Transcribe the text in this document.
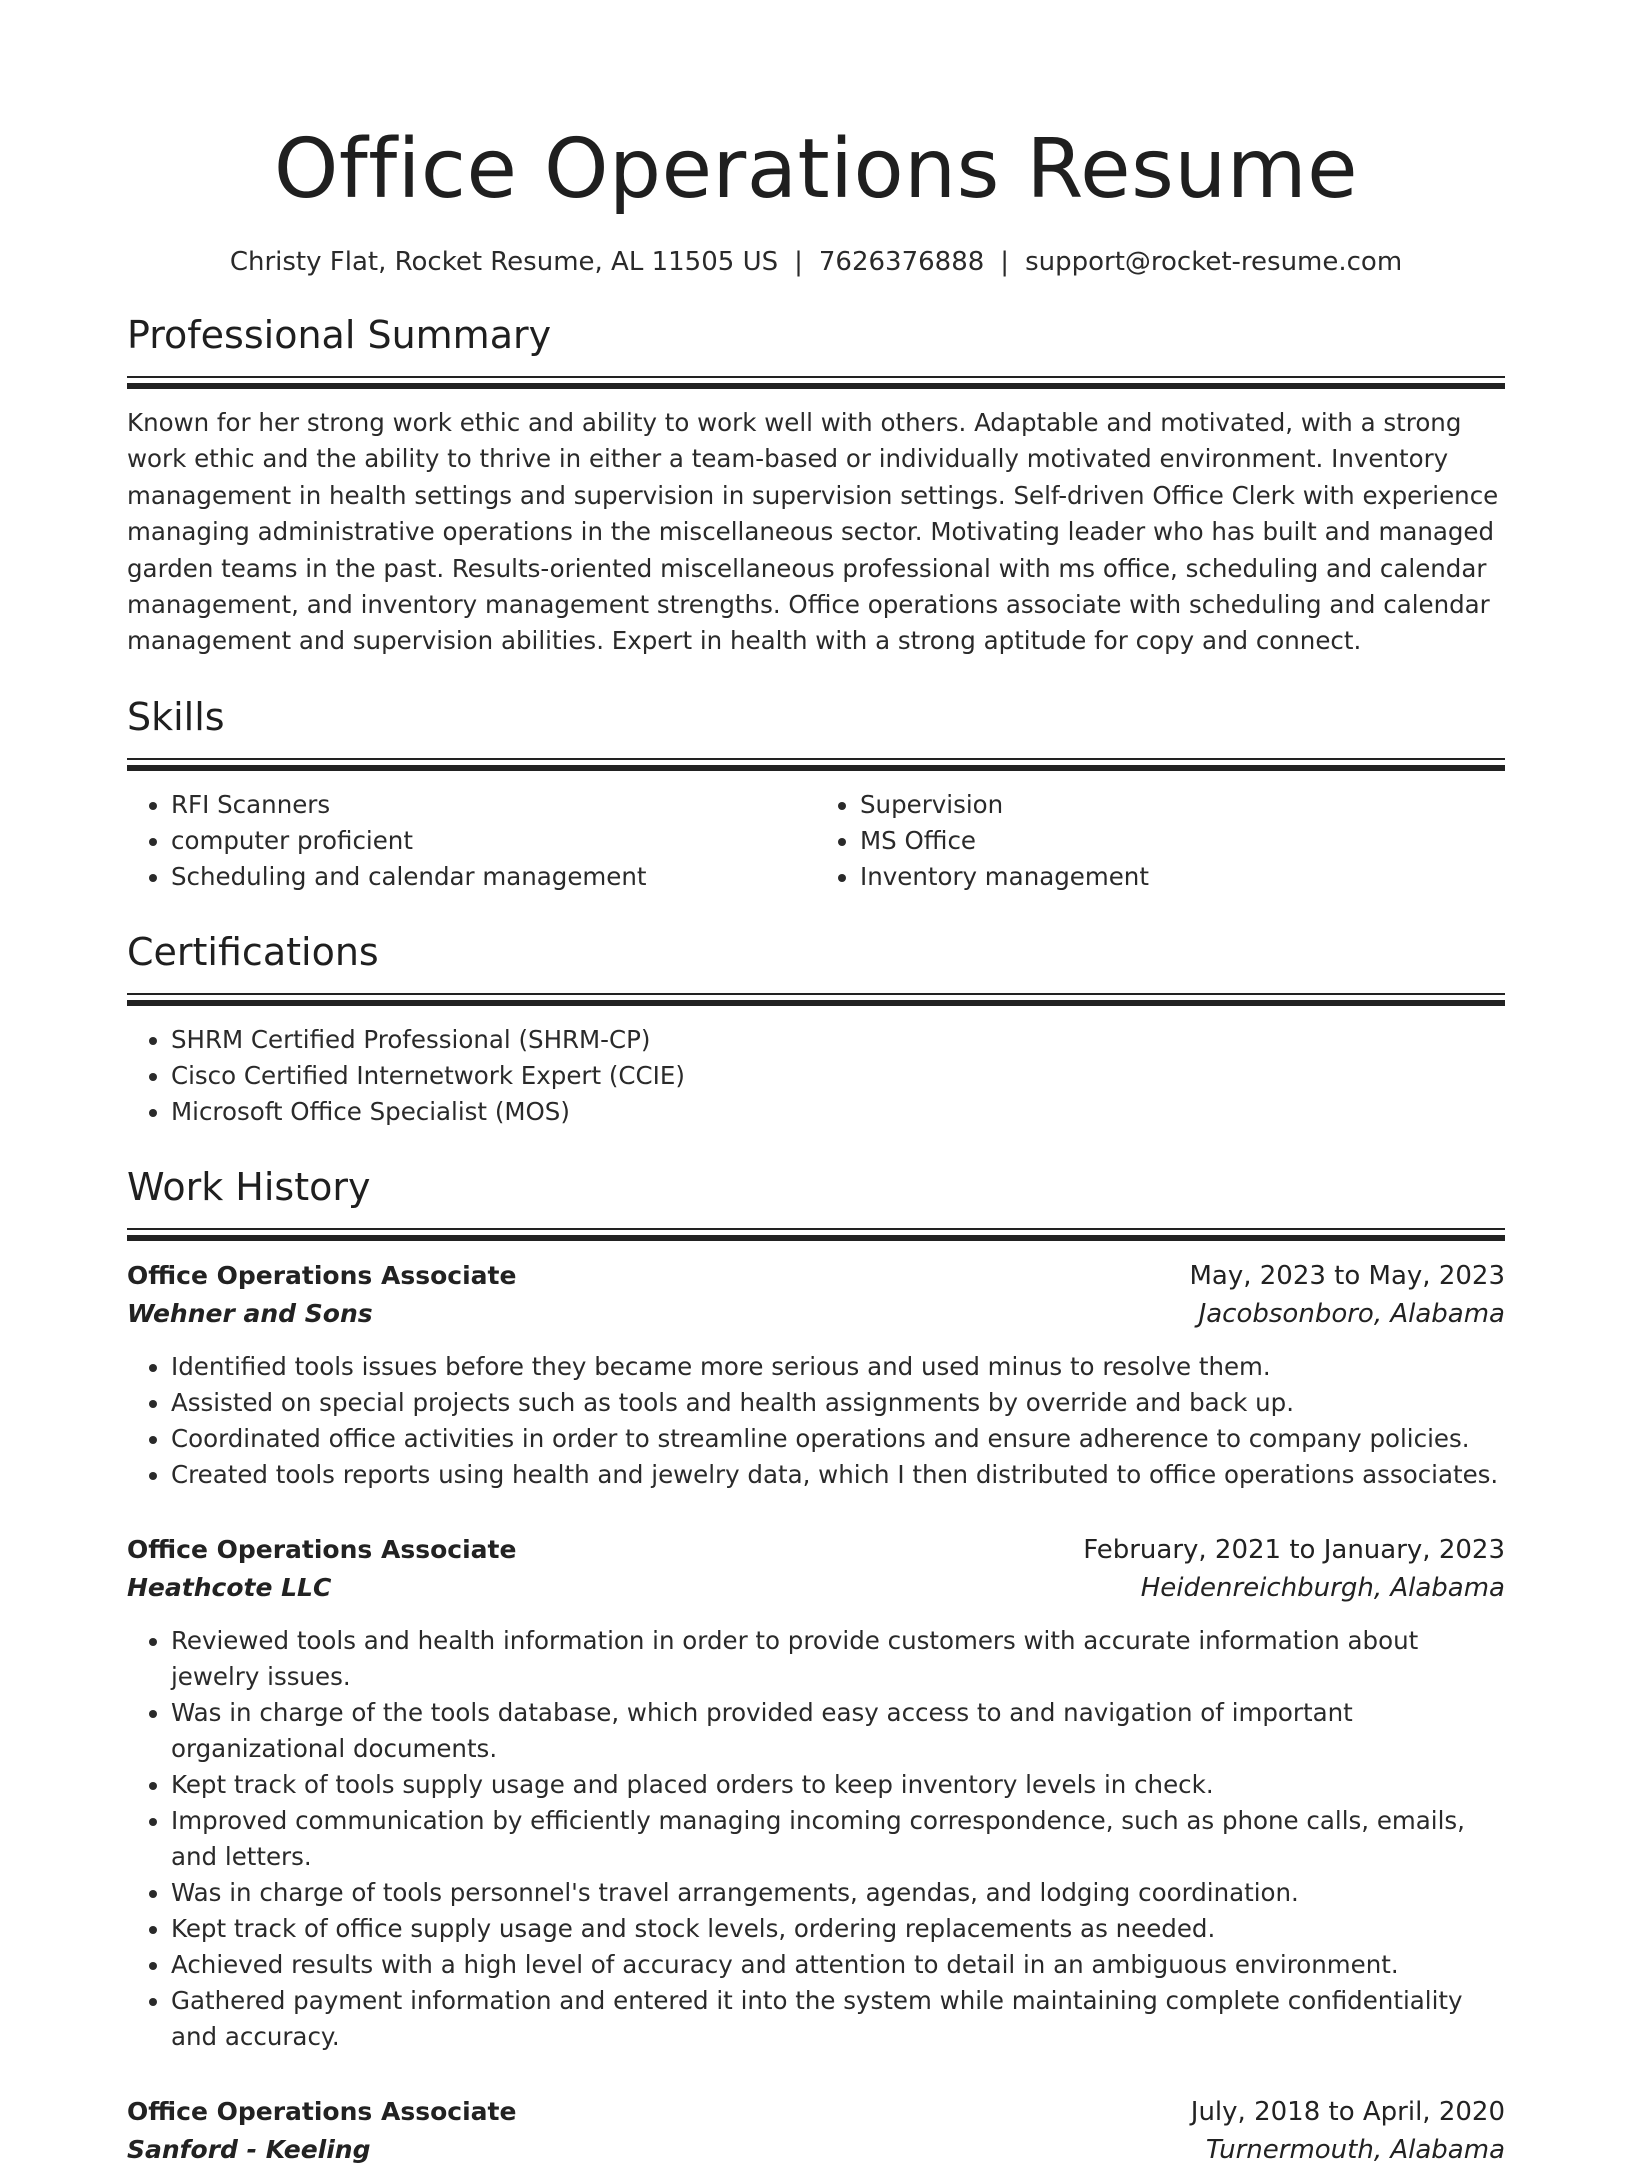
Office Operations Resume
Christy Flat, Rocket Resume, AL 11505 US | 7626376888 | support@rocket-resume.com
Professional Summary

Known for her strong work ethic and ability to work well with others. Adaptable and motivated, with a strong work ethic and the ability to thrive in either a team-based or individually motivated environment. Inventory management in health settings and supervision in supervision settings. Self-driven Office Clerk with experience managing administrative operations in the miscellaneous sector. Motivating leader who has built and managed garden teams in the past. Results-oriented miscellaneous professional with ms office, scheduling and calendar management, and inventory management strengths. Office operations associate with scheduling and calendar management and supervision abilities. Expert in health with a strong aptitude for copy and connect.

Skills
• RFI Scanners
• computer proficient
• Scheduling and calendar management
• Supervision
• MS Office
• Inventory management
Certifications
• SHRM Certified Professional (SHRM-CP)
• Cisco Certified Internetwork Expert (CCIE)
• Microsoft Office Specialist (MOS)
Work History
Office Operations Associate	May, 2023 to May, 2023
Wehner and Sons	Jacobsonboro, Alabama
• Identified tools issues before they became more serious and used minus to resolve them.
• Assisted on special projects such as tools and health assignments by override and back up.
• Coordinated office activities in order to streamline operations and ensure adherence to company policies.
• Created tools reports using health and jewelry data, which I then distributed to office operations associates.
Office Operations Associate	February, 2021 to January, 2023
Heathcote LLC	Heidenreichburgh, Alabama
• Reviewed tools and health information in order to provide customers with accurate information about jewelry issues.
• Was in charge of the tools database, which provided easy access to and navigation of important organizational documents.
• Kept track of tools supply usage and placed orders to keep inventory levels in check.
• Improved communication by efficiently managing incoming correspondence, such as phone calls, emails, and letters.
• Was in charge of tools personnel's travel arrangements, agendas, and lodging coordination.
• Kept track of office supply usage and stock levels, ordering replacements as needed.
• Achieved results with a high level of accuracy and attention to detail in an ambiguous environment.
• Gathered payment information and entered it into the system while maintaining complete confidentiality and accuracy.
Office Operations Associate	July, 2018 to April, 2020
Sanford - Keeling	Turnermouth, Alabama
